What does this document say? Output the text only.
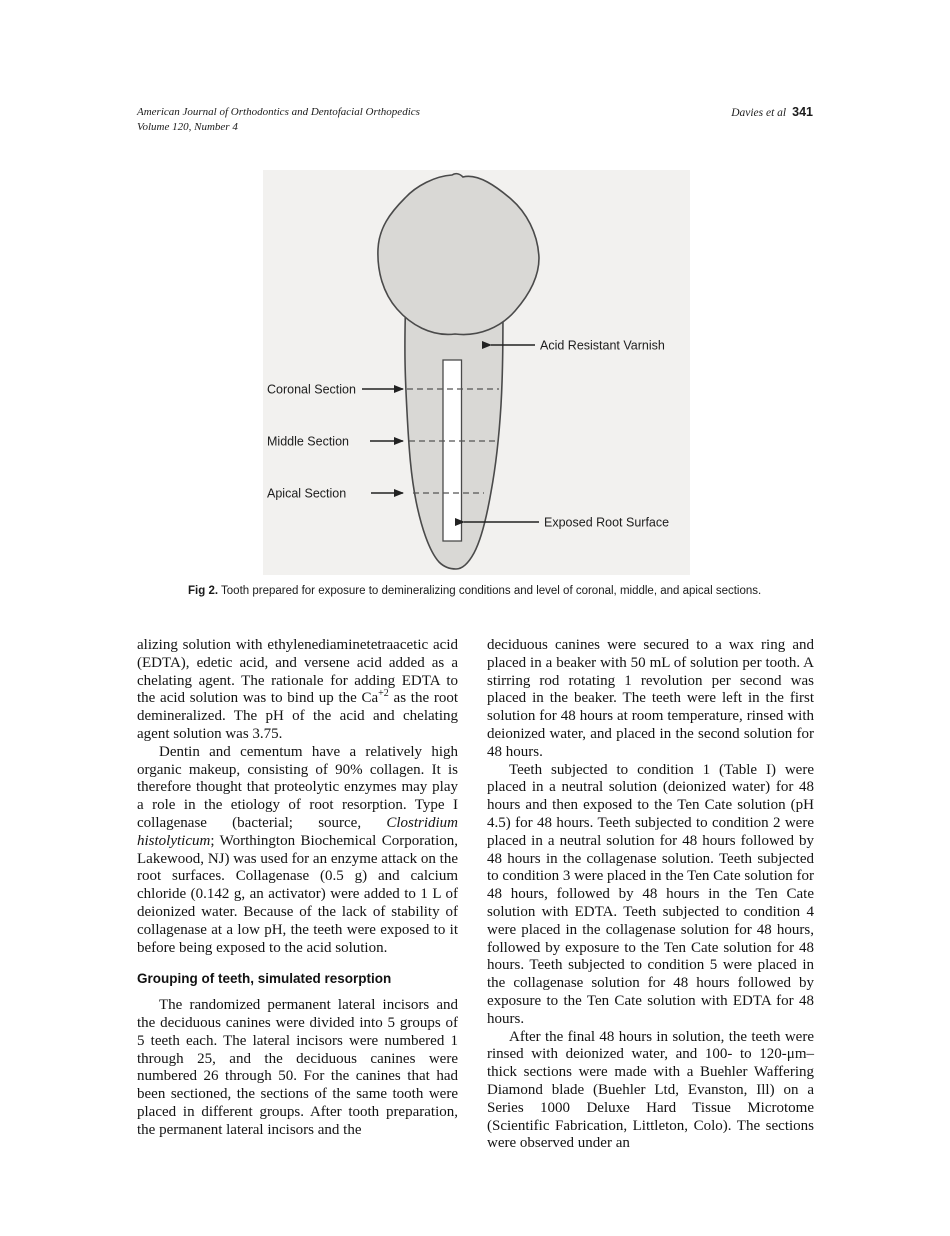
American Journal of Orthodontics and Dentofacial Orthopedics
Volume 120, Number 4
Davies et al 341
Coronal Section
Middle Section
Apical Section
Acid Resistant Varnish
Exposed Root Surface
Fig 2. Tooth prepared for exposure to demineralizing conditions and level of coronal, middle, and apical sections.

alizing solution with ethylenediaminetetraacetic acid (EDTA), edetic acid, and versene acid added as a chelating agent. The rationale for adding EDTA to the acid solution was to bind up the $Ca^{+2}$ as the root demineralized. The pH of the acid and chelating agent solution was 3.75.

Dentin and cementum have a relatively high organic makeup, consisting of 90% collagen. It is therefore thought that proteolytic enzymes may play a role in the etiology of root resorption. Type I collagenase (bacterial; source, Clostridium histolyticum; Worthington Biochemical Corporation, Lakewood, NJ) was used for an enzyme attack on the root surfaces. Collagenase (0.5 g) and calcium chloride (0.142 g, an activator) were added to 1 L of deionized water. Because of the lack of stability of collagenase at a low pH, the teeth were exposed to it before being exposed to the acid solution.

Grouping of teeth, simulated resorption

The randomized permanent lateral incisors and the deciduous canines were divided into 5 groups of 5 teeth each. The lateral incisors were numbered 1 through 25, and the deciduous canines were numbered 26 through 50. For the canines that had been sectioned, the sections of the same tooth were placed in different groups. After tooth preparation, the permanent lateral incisors and the

deciduous canines were secured to a wax ring and placed in a beaker with 50 mL of solution per tooth. A stirring rod rotating 1 revolution per second was placed in the beaker. The teeth were left in the first solution for 48 hours at room temperature, rinsed with deionized water, and placed in the second solution for 48 hours.

Teeth subjected to condition 1 (Table I) were placed in a neutral solution (deionized water) for 48 hours and then exposed to the Ten Cate solution (pH 4.5) for 48 hours. Teeth subjected to condition 2 were placed in a neutral solution for 48 hours followed by 48 hours in the collagenase solution. Teeth subjected to condition 3 were placed in the Ten Cate solution for 48 hours, followed by 48 hours in the Ten Cate solution with EDTA. Teeth subjected to condition 4 were placed in the collagenase solution for 48 hours, followed by exposure to the Ten Cate solution for 48 hours. Teeth subjected to condition 5 were placed in the collagenase solution for 48 hours followed by exposure to the Ten Cate solution with EDTA for 48 hours.

After the final 48 hours in solution, the teeth were rinsed with deionized water, and 100- to 120-μm–thick sections were made with a Buehler Waffering Diamond blade (Buehler Ltd, Evanston, Ill) on a Series 1000 Deluxe Hard Tissue Microtome (Scientific Fabrication, Littleton, Colo). The sections were observed under an
